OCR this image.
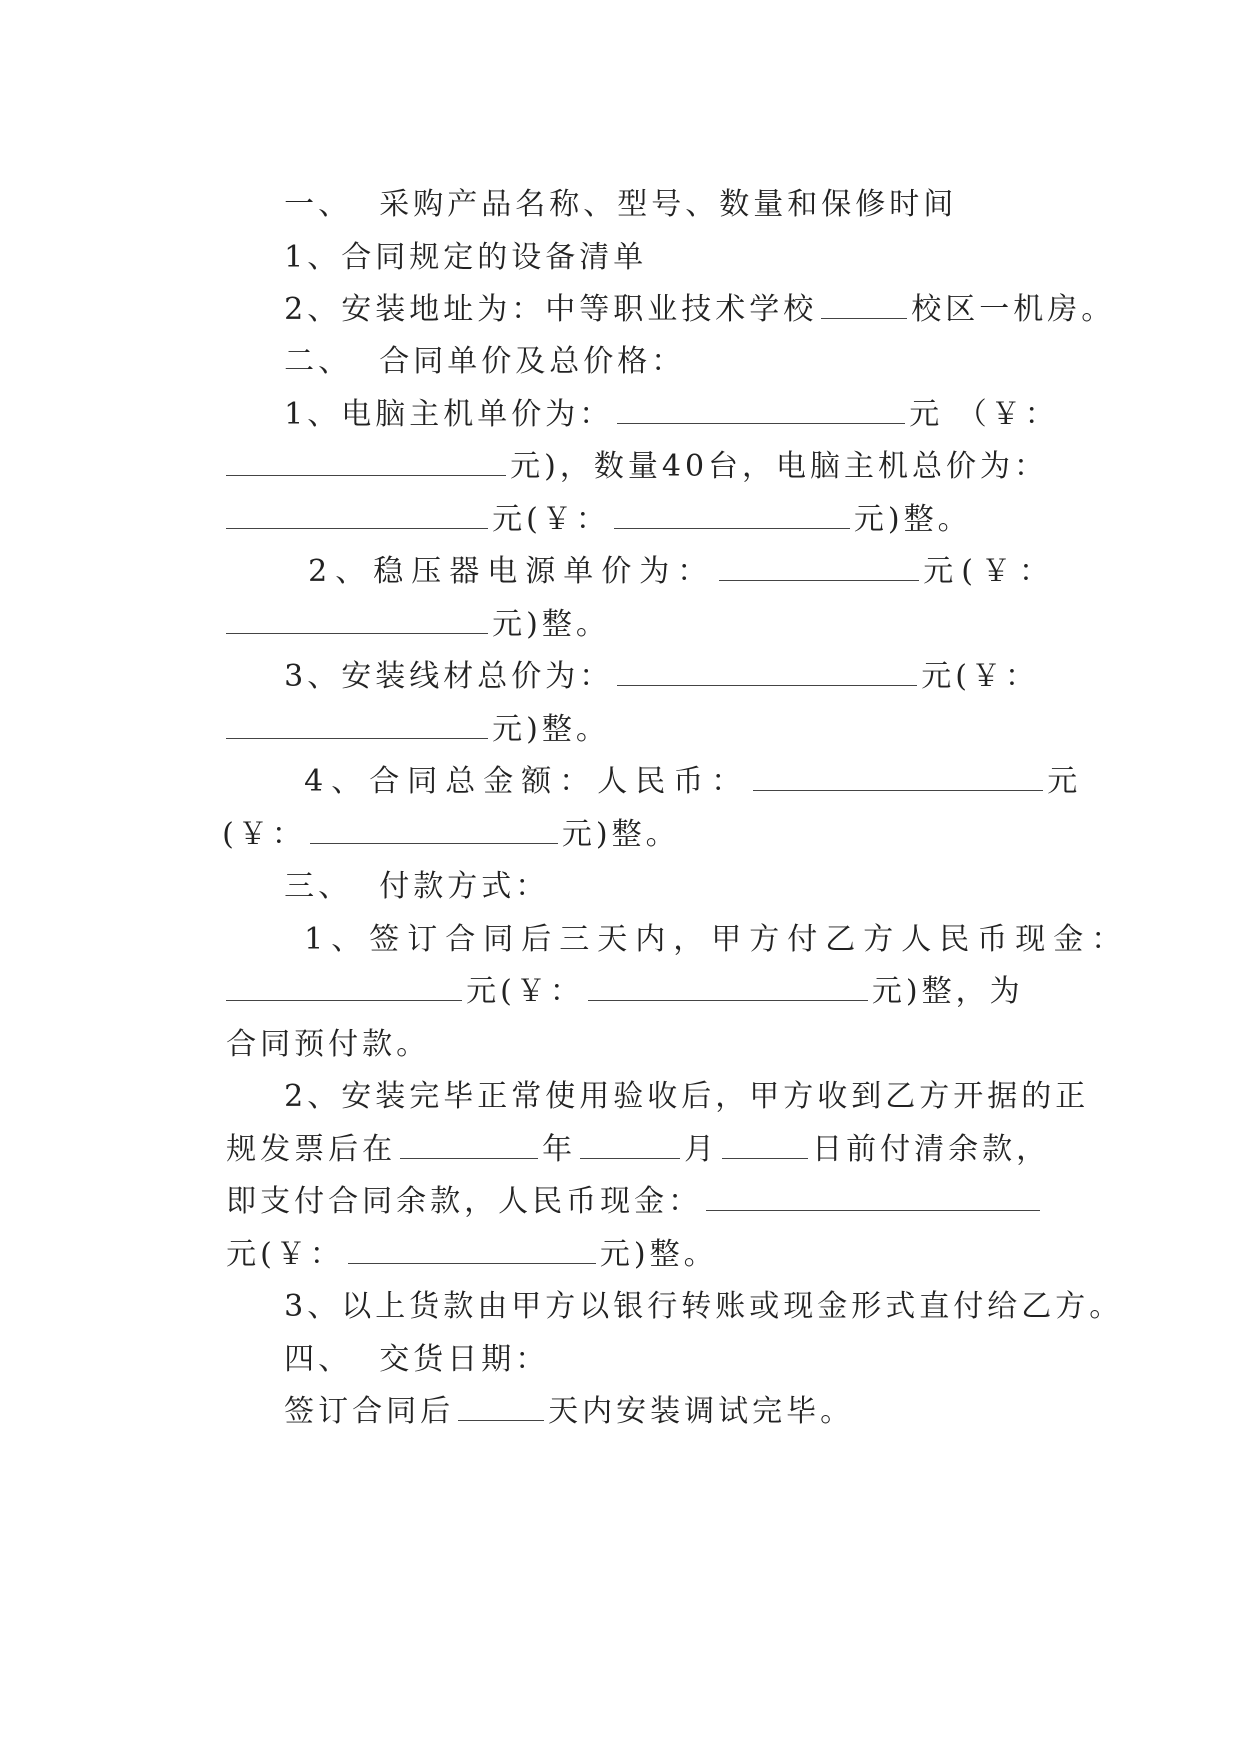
一、  采购产品名称、型号、数量和保修时间

1、合同规定的设备清单

2、安装地址为：中等职业技术学校	校区一机房。

二、  合同单价及总价格：

1、电脑主机单价为：	元 （￥：

元)，数量40台，电脑主机总价为：

元(￥：	元)整。

2、稳压器电源单价为：	元(￥：

元)整。

3、安装线材总价为：	元(￥：

元)整。

4、合同总金额：人民币：	元

(￥：	元)整。

三、  付款方式：

1、签订合同后三天内，甲方付乙方人民币现金：

元(￥：	元)整，为

合同预付款。

2、安装完毕正常使用验收后，甲方收到乙方开据的正

规发票后在	年	月	日前付清余款，

即支付合同余款，人民币现金：

元(￥：	元)整。

3、以上货款由甲方以银行转账或现金形式直付给乙方。

四、  交货日期：

签订合同后	天内安装调试完毕。
